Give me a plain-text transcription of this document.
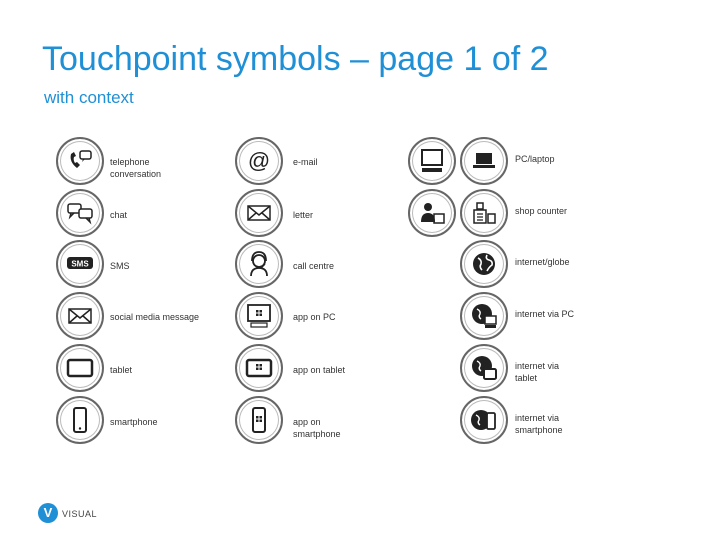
Touchpoint symbols – page 1 of 2
with context
telephone conversation
chat
SMS SMS
social media message
tablet
smartphone
@	e-mail
letter
call centre
app on PC
app on tablet
app on smartphone
PC/laptop
shop counter
internet/globe
internet via PC
internet via tablet
internet via smartphone
V	VISUAL
